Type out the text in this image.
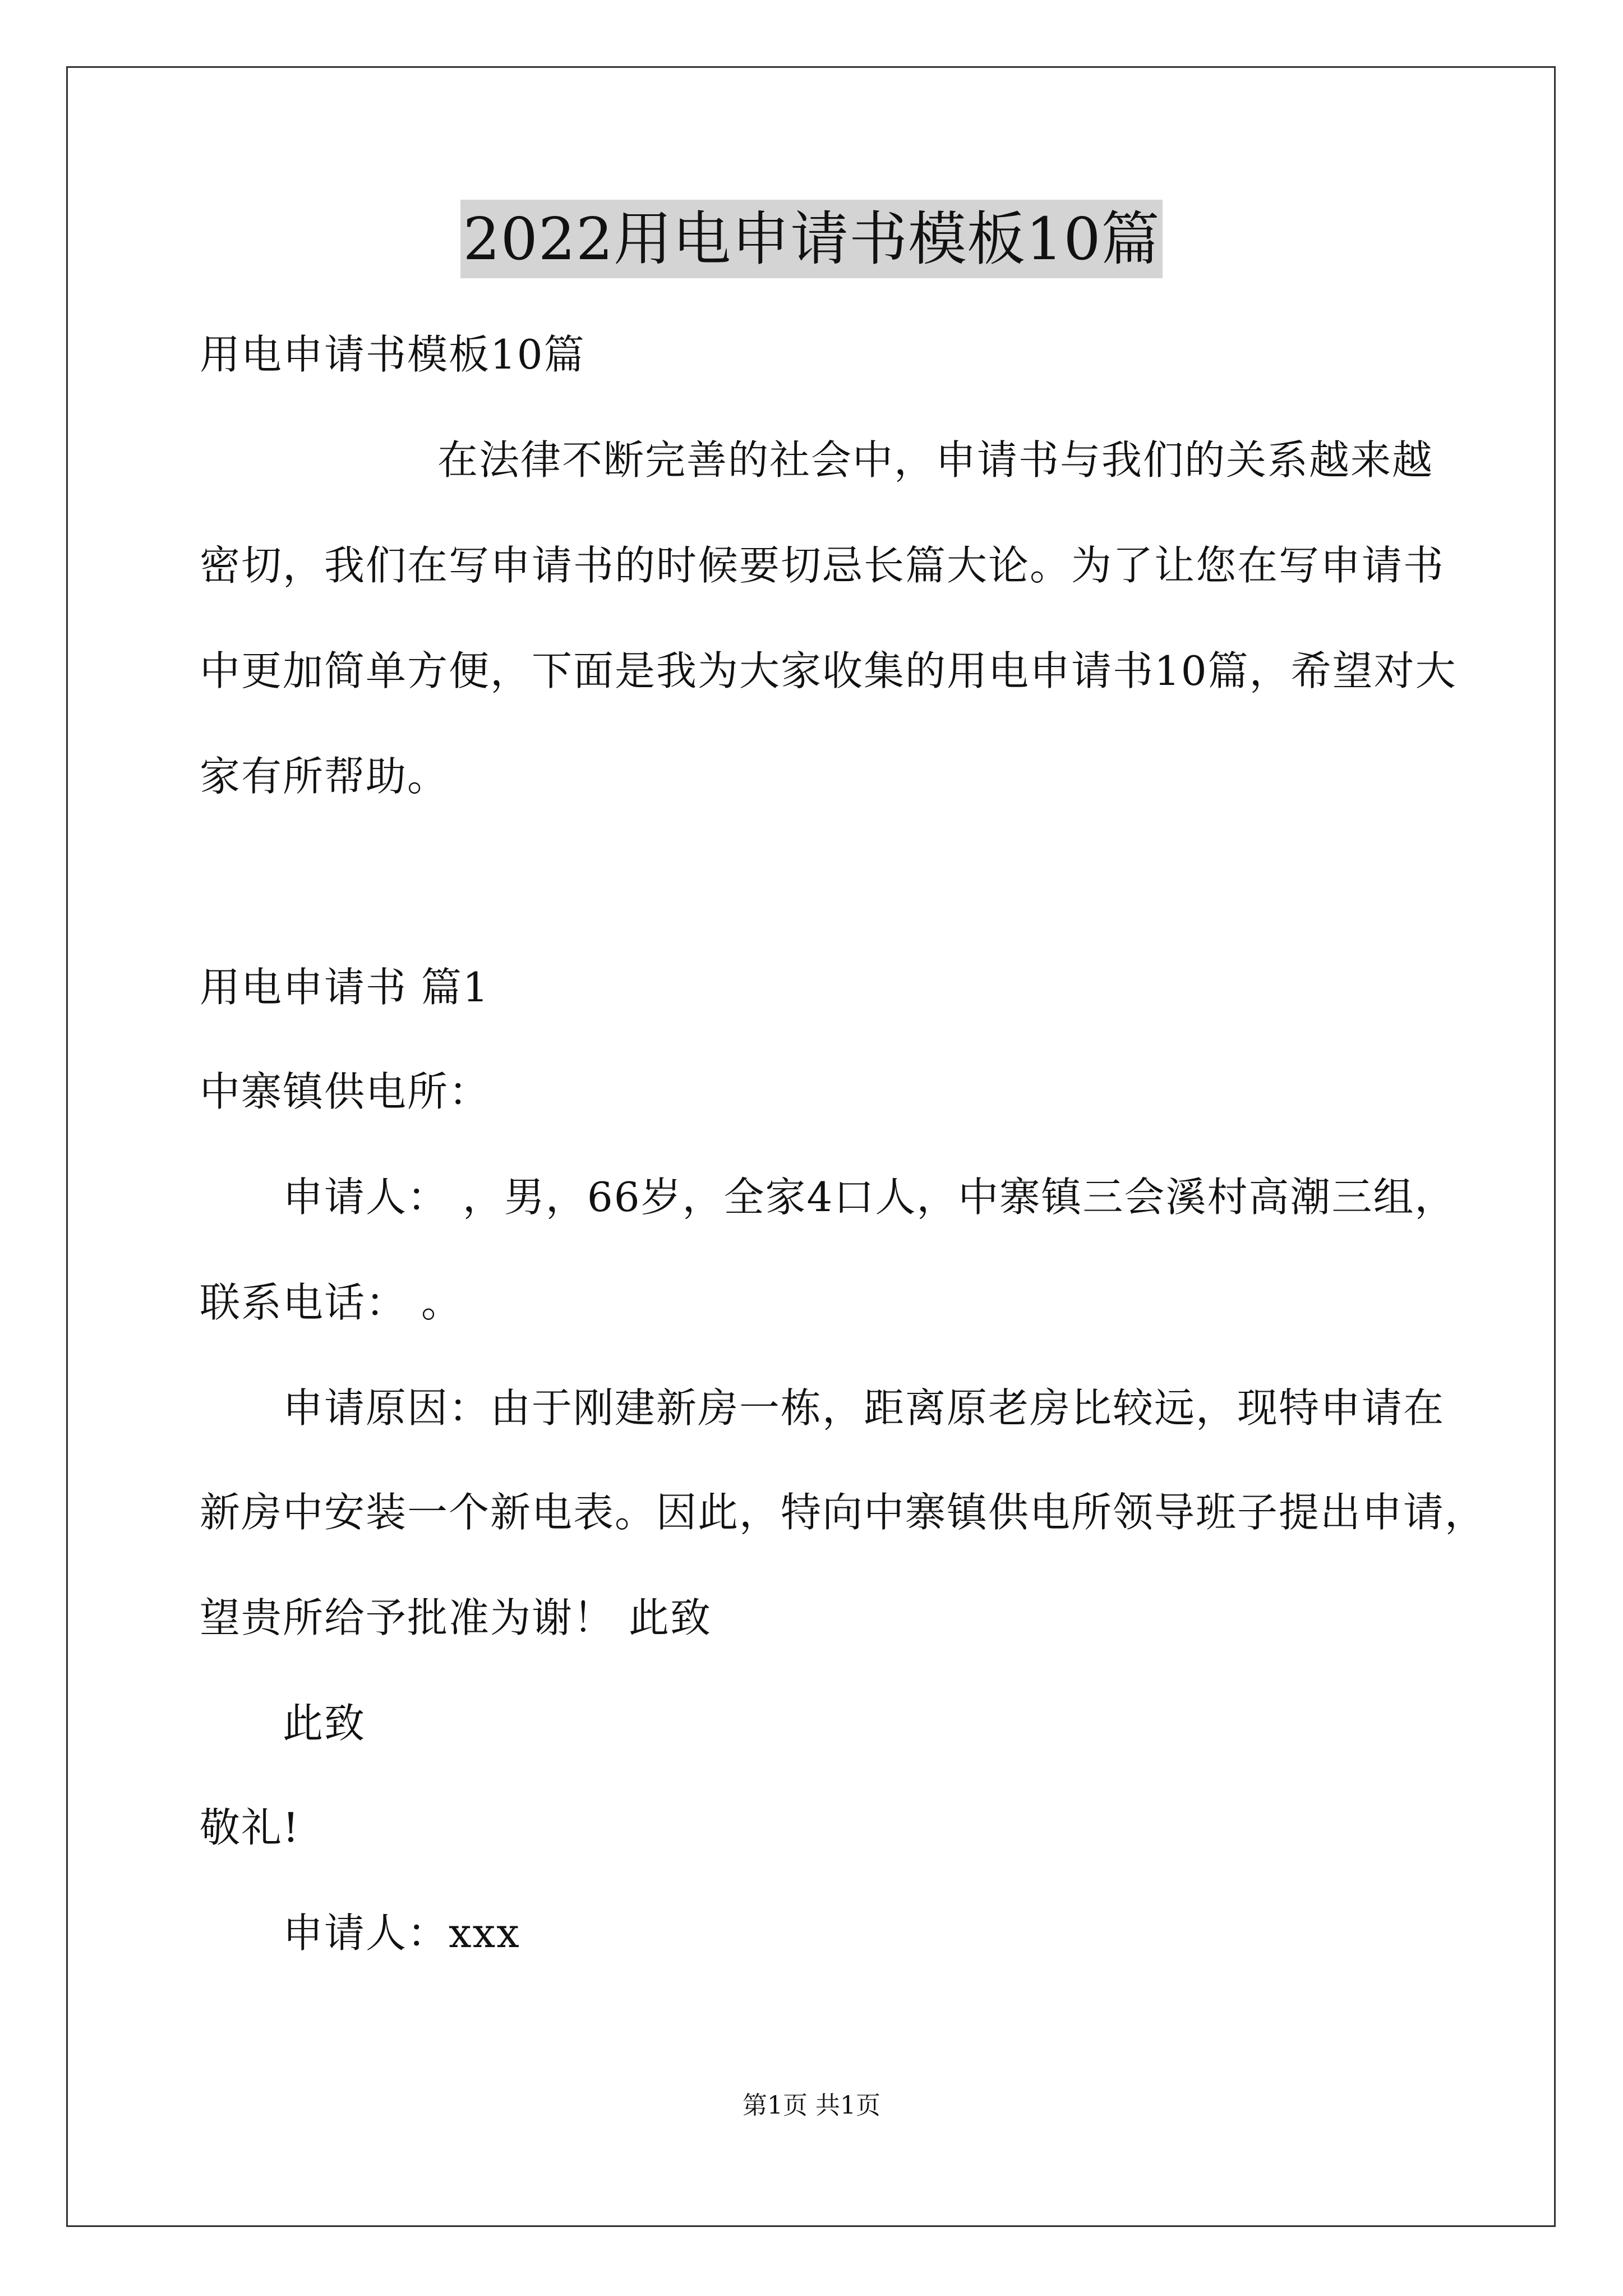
2022用电申请书模板10篇
用电申请书模板10篇
在法律不断完善的社会中，申请书与我们的关系越来越
密切，我们在写申请书的时候要切忌长篇大论。为了让您在写申请书
中更加简单方便，下面是我为大家收集的用电申请书10篇，希望对大
家有所帮助。
用电申请书 篇1
中寨镇供电所：
申请人： ，男，66岁，全家4口人，中寨镇三会溪村高潮三组，
联系电话： 。
申请原因：由于刚建新房一栋，距离原老房比较远，现特申请在
新房中安装一个新电表。因此，特向中寨镇供电所领导班子提出申请，
望贵所给予批准为谢！ 此致
此致
敬礼!
申请人：xxx
第1页 共1页
